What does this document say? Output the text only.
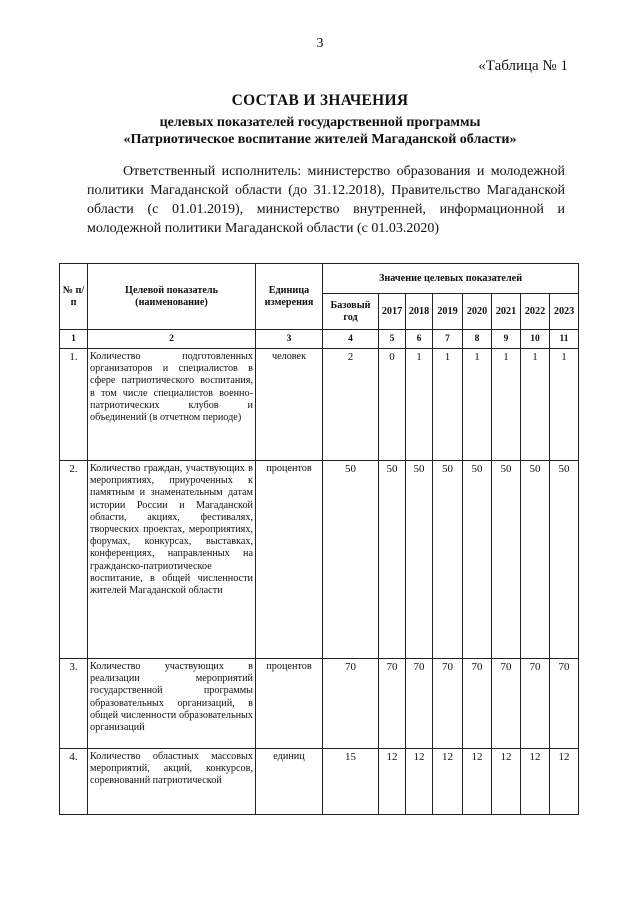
3
«Таблица № 1
СОСТАВ И ЗНАЧЕНИЯ
целевых показателей государственной программы
«Патриотическое воспитание жителей Магаданской области»
Ответственный исполнитель: министерство образования и молодежной политики Магаданской области (до 31.12.2018), Правительство Магаданской области (с 01.01.2019), министерство внутренней, информационной и молодежной политики Магаданской области (с 01.03.2020)
№ п/п	Целевой показатель (наименование)	Единица измерения	Значение целевых показателей							
			Базовый год	2017	2018	2019	2020	2021	2022	2023
1	2	3	4	5	6	7	8	9	10	11
1.	Количество подготовленных организаторов и специалистов в сфере патриотического воспитания, в том числе специалистов военно-патриотических клубов и объединений (в отчетном периоде)	человек	2	0	1	1	1	1	1	1
2.	Количество граждан, участвующих в мероприятиях, приуроченных к памятным и знаменательным датам истории России и Магаданской области, акциях, фестивалях, творческих проектах, мероприятиях, форумах, конкурсах, выставках, конференциях, направленных на гражданско-патриотическое воспитание, в общей численности жителей Магаданской области	процентов	50	50	50	50	50	50	50	50
3.	Количество участвующих в реализации мероприятий государственной программы образовательных организаций, в общей численности образовательных организаций	процентов	70	70	70	70	70	70	70	70
4.	Количество областных массовых мероприятий, акций, конкурсов, соревнований патриотической	единиц	15	12	12	12	12	12	12	12
